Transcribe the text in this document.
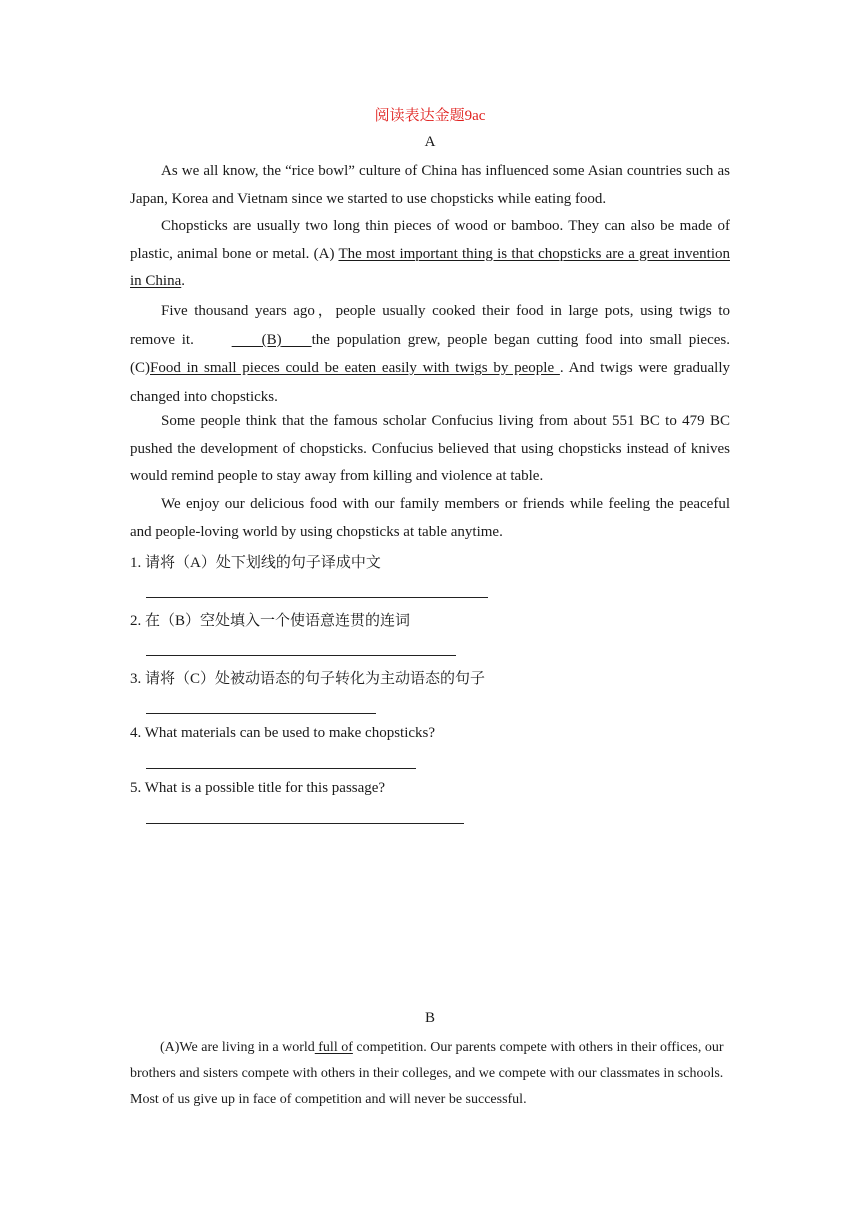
阅读表达金题9ac
A

As we all know, the “rice bowl” culture of China has influenced some Asian countries such as Japan, Korea and Vietnam since we started to use chopsticks while eating food.

Chopsticks are usually two long thin pieces of wood or bamboo. They can also be made of plastic, animal bone or metal. (A) The most important thing is that chopsticks are a great invention in China.

Five thousand years ago，people usually cooked their food in large pots, using twigs to remove it.	(B) the population grew, people began cutting food into small pieces. (C)Food in small pieces could be eaten easily with twigs by people . And twigs were gradually changed into chopsticks.

Some people think that the famous scholar Confucius living from about 551 BC to 479 BC pushed the development of chopsticks. Confucius believed that using chopsticks instead of knives would remind people to stay away from killing and violence at table.

We enjoy our delicious food with our family members or friends while feeling the peaceful and people-loving world by using chopsticks at table anytime.

1. 请将（A）处下划线的句子译成中文
2. 在（B）空处填入一个使语意连贯的连词
3. 请将（C）处被动语态的句子转化为主动语态的句子
4. What materials can be used to make chopsticks?
5. What is a possible title for this passage?
B

(A)We are living in a world full of competition. Our parents compete with others in their offices, our brothers and sisters compete with others in their colleges, and we compete with our classmates in schools. Most of us give up in face of competition and will never be successful.
